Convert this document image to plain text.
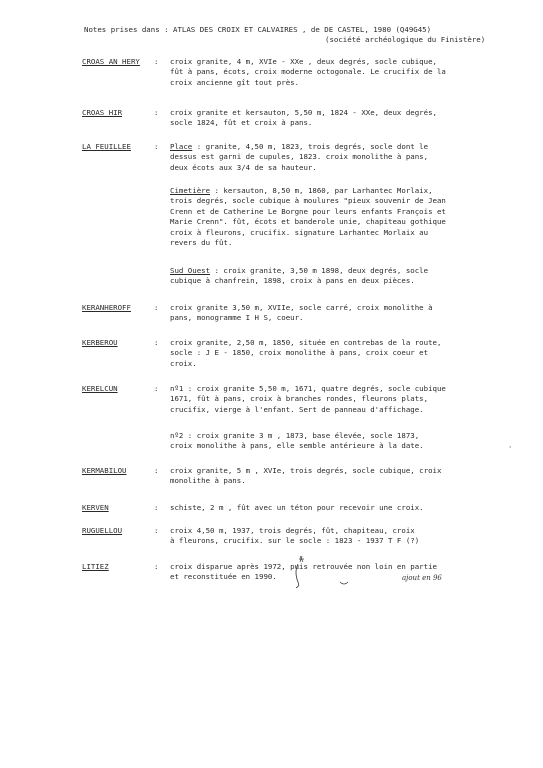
Notes prises dans : ATLAS DES CROIX ET CALVAIRES , de DE CASTEL, 1980 (Q49G45)
(société archéologique du Finistère)
CROAS AN HERY	: croix granite, 4 m, XVIe - XXe , deux degrés, socle cubique,
fût à pans, écots, croix moderne octogonale. Le crucifix de la
croix ancienne gît tout près.
CROAS HIR	: croix granite et kersauton, 5,50 m, 1824 - XXe, deux degrés,
socle 1824, fût et croix à pans.
LA FEUILLEE	: Place : granite, 4,50 m, 1823, trois degrés, socle dont le
dessus est garni de cupules, 1823. croix monolithe à pans,
deux écots aux 3/4 de sa hauteur.
Cimetière : kersauton, 8,50 m, 1860, par Larhantec Morlaix,
trois degrés, socle cubique à moulures "pieux souvenir de Jean
Crenn et de Catherine Le Borgne pour leurs enfants François et
Marie Crenn". fût, écots et banderole unie, chapiteau gothique
croix à fleurons, crucifix. signature Larhantec Morlaix au
revers du fût.
Sud Ouest : croix granite, 3,50 m 1898, deux degrés, socle
cubique à chanfrein, 1898, croix à pans en deux pièces.
KERANHEROFF	: croix granite 3,50 m, XVIIe, socle carré, croix monolithe à
pans, monogramme I H S, coeur.
KERBEROU	: croix granite, 2,50 m, 1850, située en contrebas de la route,
socle : J E - 1850, croix monolithe à pans, croix coeur et
croix.
KERELCUN	: nº1 : croix granite 5,50 m, 1671, quatre degrés, socle cubique
1671, fût à pans, croix à branches rondes, fleurons plats,
crucifix, vierge à l'enfant. Sert de panneau d'affichage.
nº2 : croix granite 3 m , 1873, base élevée, socle 1873,
croix monolithe à pans, elle semble antérieure à la date.	'
KERMABILOU	: croix granite, 5 m , XVIe, trois degrés, socle cubique, croix
monolithe à pans.
KERVEN	: schiste, 2 m , fût avec un téton pour recevoir une croix.
RUGUELLOU	: croix 4,50 m, 1937, trois degrés, fût, chapiteau, croix
à fleurons, crucifix. sur le socle : 1823 - 1937 T F (?)
LITIEZ	: croix disparue après 1972, puis retrouvée non loin en partie
et reconstituée en 1990.	ajout en 96
